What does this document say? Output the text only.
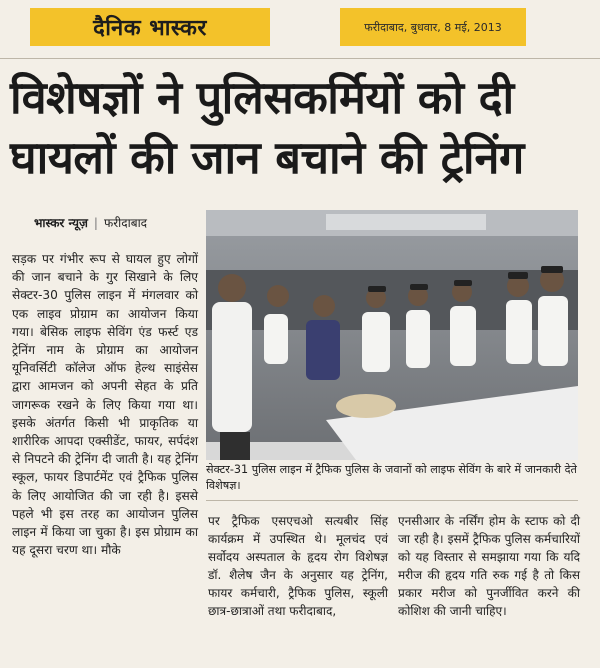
दैनिक भास्कर	फरीदाबाद, बुधवार, 8 मई, 2013
विशेषज्ञों ने पुलिसकर्मियों को दी
घायलों की जान बचाने की ट्रेनिंग
भास्कर न्यूज़ | फरीदाबाद

सड़क पर गंभीर रूप से घायल हुए लोगों की जान बचाने के गुर सिखाने के लिए सेक्टर-30 पुलिस लाइन में मंगलवार को एक लाइव प्रोग्राम का आयोजन किया गया। बेसिक लाइफ सेविंग एंड फर्स्ट एड ट्रेनिंग नाम के प्रोग्राम का आयोजन यूनिवर्सिटी कॉलेज ऑफ हेल्थ साइंसेस द्वारा आमजन को अपनी सेहत के प्रति जागरूक रखने के लिए किया गया था। इसके अंतर्गत किसी भी प्राकृतिक या शारीरिक आपदा एक्सीडेंट, फायर, सर्पदंश से निपटने की ट्रेनिंग दी जाती है। यह ट्रेनिंग स्कूल, फायर डिपार्टमेंट एवं ट्रैफिक पुलिस के लिए आयोजित की जा रही है। इससे पहले भी इस तरह का आयोजन पुलिस लाइन में किया जा चुका है। इस प्रोग्राम का यह दूसरा चरण था। मौके

सेक्टर-31 पुलिस लाइन में ट्रैफिक पुलिस के जवानों को लाइफ सेविंग के बारे में जानकारी देते विशेषज्ञ।

पर ट्रैफिक एसएचओ सत्यबीर सिंह कार्यक्रम में उपस्थित थे। मूलचंद एवं सर्वोदय अस्पताल के हृदय रोग विशेषज्ञ डॉ. शैलेष जैन के अनुसार यह ट्रेनिंग, फायर कर्मचारी, ट्रैफिक पुलिस, स्कूली छात्र-छात्राओं तथा फरीदाबाद,

एनसीआर के नर्सिंग होम के स्टाफ को दी जा रही है। इसमें ट्रैफिक पुलिस कर्मचारियों को यह विस्तार से समझाया गया कि यदि मरीज की हृदय गति रुक गई है तो किस प्रकार मरीज को पुनर्जीवित करने की कोशिश की जानी चाहिए।
